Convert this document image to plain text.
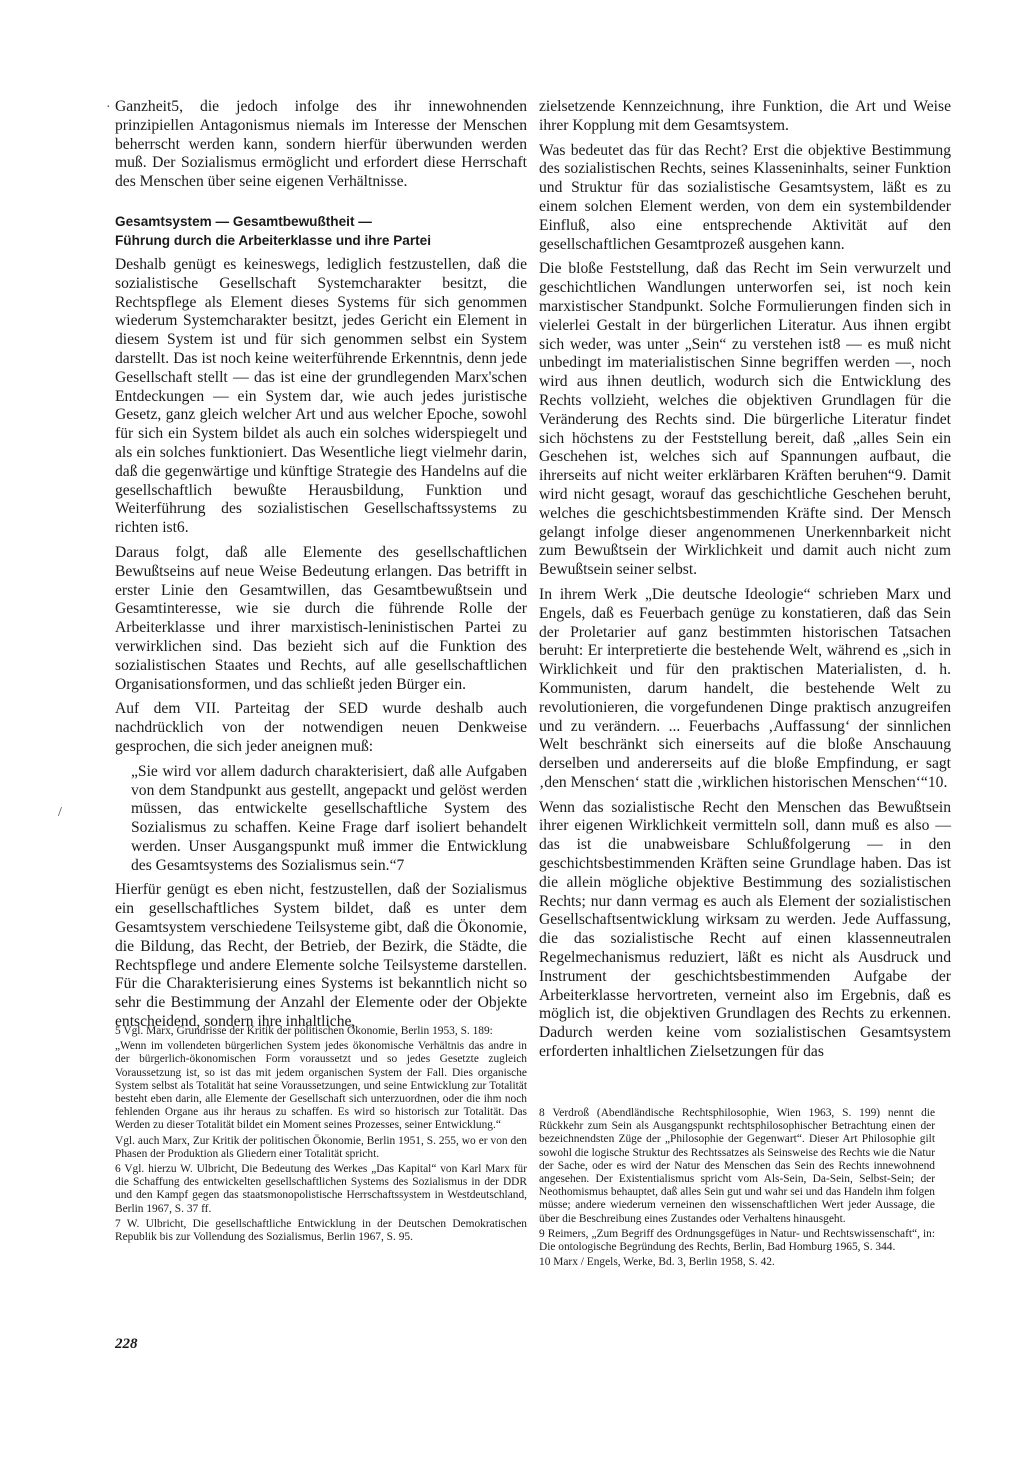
·
/

Ganzheit5, die jedoch infolge des ihr innewohnenden prinzipiellen Antagonismus niemals im Interesse der Menschen beherrscht werden kann, sondern hierfür überwunden werden muß. Der Sozialismus ermöglicht und erfordert diese Herrschaft des Menschen über seine eigenen Verhältnisse.

Gesamtsystem — Gesamtbewußtheit —
Führung durch die Arbeiterklasse und ihre Partei

Deshalb genügt es keineswegs, lediglich festzustellen, daß die sozialistische Gesellschaft Systemcharakter besitzt, die Rechtspflege als Element dieses Systems für sich genommen wiederum Systemcharakter besitzt, jedes Gericht ein Element in diesem System ist und für sich genommen selbst ein System darstellt. Das ist noch keine weiterführende Erkenntnis, denn jede Gesellschaft stellt — das ist eine der grundlegenden Marx'schen Entdeckungen — ein System dar, wie auch jedes juristische Gesetz, ganz gleich welcher Art und aus welcher Epoche, sowohl für sich ein System bildet als auch ein solches widerspiegelt und als ein solches funktioniert. Das Wesentliche liegt vielmehr darin, daß die gegenwärtige und künftige Strategie des Handelns auf die gesellschaftlich bewußte Herausbildung, Funktion und Weiterführung des sozialistischen Gesellschaftssystems zu richten ist6.

Daraus folgt, daß alle Elemente des gesellschaftlichen Bewußtseins auf neue Weise Bedeutung erlangen. Das betrifft in erster Linie den Gesamtwillen, das Gesamtbewußtsein und Gesamtinteresse, wie sie durch die führende Rolle der Arbeiterklasse und ihrer marxistisch-leninistischen Partei zu verwirklichen sind. Das bezieht sich auf die Funktion des sozialistischen Staates und Rechts, auf alle gesellschaftlichen Organisationsformen, und das schließt jeden Bürger ein.

Auf dem VII. Parteitag der SED wurde deshalb auch nachdrücklich von der notwendigen neuen Denkweise gesprochen, die sich jeder aneignen muß:

„Sie wird vor allem dadurch charakterisiert, daß alle Aufgaben von dem Standpunkt aus gestellt, angepackt und gelöst werden müssen, das entwickelte gesellschaftliche System des Sozialismus zu schaffen. Keine Frage darf isoliert behandelt werden. Unser Ausgangspunkt muß immer die Entwicklung des Gesamtsystems des Sozialismus sein.“7

Hierfür genügt es eben nicht, festzustellen, daß der Sozialismus ein gesellschaftliches System bildet, daß es unter dem Gesamtsystem verschiedene Teilsysteme gibt, daß die Ökonomie, die Bildung, das Recht, der Betrieb, der Bezirk, die Städte, die Rechtspflege und andere Elemente solche Teilsysteme darstellen. Für die Charakterisierung eines Systems ist bekanntlich nicht so sehr die Bestimmung der Anzahl der Elemente oder der Objekte entscheidend, sondern ihre inhaltliche,

zielsetzende Kennzeichnung, ihre Funktion, die Art und Weise ihrer Kopplung mit dem Gesamtsystem.

Was bedeutet das für das Recht? Erst die objektive Bestimmung des sozialistischen Rechts, seines Klasseninhalts, seiner Funktion und Struktur für das sozialistische Gesamtsystem, läßt es zu einem solchen Element werden, von dem ein systembildender Einfluß, also eine entsprechende Aktivität auf den gesellschaftlichen Gesamtprozeß ausgehen kann.

Die bloße Feststellung, daß das Recht im Sein verwurzelt und geschichtlichen Wandlungen unterworfen sei, ist noch kein marxistischer Standpunkt. Solche Formulierungen finden sich in vielerlei Gestalt in der bürgerlichen Literatur. Aus ihnen ergibt sich weder, was unter „Sein“ zu verstehen ist8 — es muß nicht unbedingt im materialistischen Sinne begriffen werden —, noch wird aus ihnen deutlich, wodurch sich die Entwicklung des Rechts vollzieht, welches die objektiven Grundlagen für die Veränderung des Rechts sind. Die bürgerliche Literatur findet sich höchstens zu der Feststellung bereit, daß „alles Sein ein Geschehen ist, welches sich auf Spannungen aufbaut, die ihrerseits auf nicht weiter erklärbaren Kräften beruhen“9. Damit wird nicht gesagt, worauf das geschichtliche Geschehen beruht, welches die geschichtsbestimmenden Kräfte sind. Der Mensch gelangt infolge dieser angenommenen Unerkennbarkeit nicht zum Bewußtsein der Wirklichkeit und damit auch nicht zum Bewußtsein seiner selbst.

In ihrem Werk „Die deutsche Ideologie“ schrieben Marx und Engels, daß es Feuerbach genüge zu konstatieren, daß das Sein der Proletarier auf ganz bestimmten historischen Tatsachen beruht: Er interpretierte die bestehende Welt, während es „sich in Wirklichkeit und für den praktischen Materialisten, d. h. Kommunisten, darum handelt, die bestehende Welt zu revolutionieren, die vorgefundenen Dinge praktisch anzugreifen und zu verändern. ... Feuerbachs ‚Auffassung‘ der sinnlichen Welt beschränkt sich einerseits auf die bloße Anschauung derselben und andererseits auf die bloße Empfindung, er sagt ‚den Menschen‘ statt die ‚wirklichen historischen Menschen‘“10.

Wenn das sozialistische Recht den Menschen das Bewußtsein ihrer eigenen Wirklichkeit vermitteln soll, dann muß es also — das ist die unabweisbare Schlußfolgerung — in den geschichtsbestimmenden Kräften seine Grundlage haben. Das ist die allein mögliche objektive Bestimmung des sozialistischen Rechts; nur dann vermag es auch als Element der sozialistischen Gesellschaftsentwicklung wirksam zu werden. Jede Auffassung, die das sozialistische Recht auf einen klassenneutralen Regelmechanismus reduziert, läßt es nicht als Ausdruck und Instrument der geschichtsbestimmenden Aufgabe der Arbeiterklasse hervortreten, verneint also im Ergebnis, daß es möglich ist, die objektiven Grundlagen des Rechts zu erkennen. Dadurch werden keine vom sozialistischen Gesamtsystem erforderten inhaltlichen Zielsetzungen für das

5 Vgl. Marx, Grundrisse der Kritik der politischen Ökonomie, Berlin 1953, S. 189:

„Wenn im vollendeten bürgerlichen System jedes ökonomische Verhältnis das andre in der bürgerlich-ökonomischen Form voraussetzt und so jedes Gesetzte zugleich Voraussetzung ist, so ist das mit jedem organischen System der Fall. Dies organische System selbst als Totalität hat seine Voraussetzungen, und seine Entwicklung zur Totalität besteht eben darin, alle Elemente der Gesellschaft sich unterzuordnen, oder die ihm noch fehlenden Organe aus ihr heraus zu schaffen. Es wird so historisch zur Totalität. Das Werden zu dieser Totalität bildet ein Moment seines Prozesses, seiner Entwicklung.“

Vgl. auch Marx, Zur Kritik der politischen Ökonomie, Berlin 1951, S. 255, wo er von den Phasen der Produktion als Gliedern einer Totalität spricht.

6 Vgl. hierzu W. Ulbricht, Die Bedeutung des Werkes „Das Kapital“ von Karl Marx für die Schaffung des entwickelten gesellschaftlichen Systems des Sozialismus in der DDR und den Kampf gegen das staatsmonopolistische Herrschaftssystem in Westdeutschland, Berlin 1967, S. 37 ff.

7 W. Ulbricht, Die gesellschaftliche Entwicklung in der Deutschen Demokratischen Republik bis zur Vollendung des Sozialismus, Berlin 1967, S. 95.

8 Verdroß (Abendländische Rechtsphilosophie, Wien 1963, S. 199) nennt die Rückkehr zum Sein als Ausgangspunkt rechtsphilosophischer Betrachtung einen der bezeichnendsten Züge der „Philosophie der Gegenwart“. Dieser Art Philosophie gilt sowohl die logische Struktur des Rechtssatzes als Seinsweise des Rechts wie die Natur der Sache, oder es wird der Natur des Menschen das Sein des Rechts innewohnend angesehen. Der Existentialismus spricht vom Als-Sein, Da-Sein, Selbst-Sein; der Neothomismus behauptet, daß alles Sein gut und wahr sei und das Handeln ihm folgen müsse; andere wiederum verneinen den wissenschaftlichen Wert jeder Aussage, die über die Beschreibung eines Zustandes oder Verhaltens hinausgeht.

9 Reimers, „Zum Begriff des Ordnungsgefüges in Natur- und Rechtswissenschaft“, in: Die ontologische Begründung des Rechts, Berlin, Bad Homburg 1965, S. 344.

10 Marx / Engels, Werke, Bd. 3, Berlin 1958, S. 42.

228
